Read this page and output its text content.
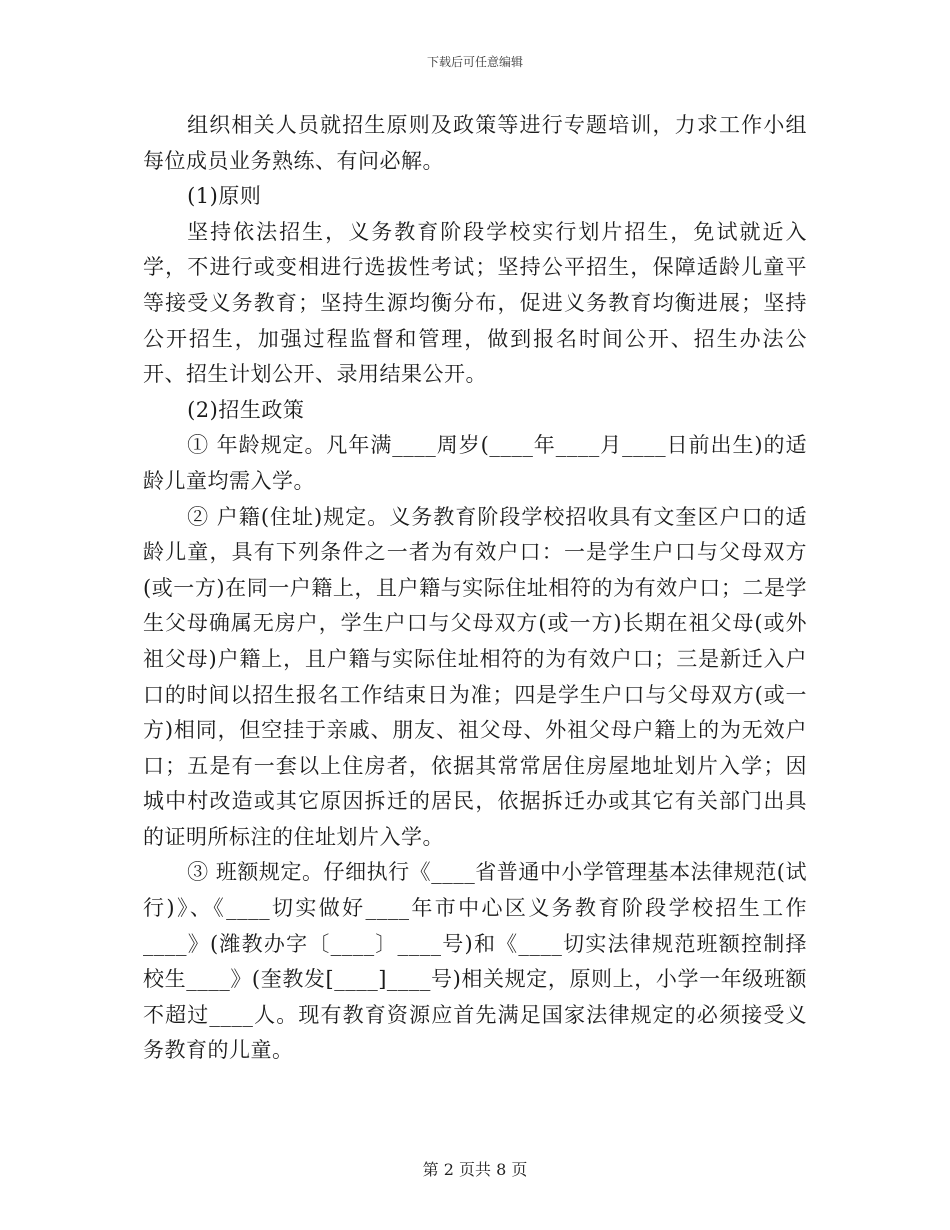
下载后可任意编辑

组织相关人员就招生原则及政策等进行专题培训，力求工作小组每位成员业务熟练、有问必解。

(1)原则

坚持依法招生，义务教育阶段学校实行划片招生，免试就近入学，不进行或变相进行选拔性考试；坚持公平招生，保障适龄儿童平等接受义务教育；坚持生源均衡分布，促进义务教育均衡进展；坚持公开招生，加强过程监督和管理，做到报名时间公开、招生办法公开、招生计划公开、录用结果公开。

(2)招生政策

① 年龄规定。凡年满____周岁(____年____月____日前出生)的适龄儿童均需入学。

② 户籍(住址)规定。义务教育阶段学校招收具有文奎区户口的适龄儿童，具有下列条件之一者为有效户口：一是学生户口与父母双方(或一方)在同一户籍上，且户籍与实际住址相符的为有效户口；二是学生父母确属无房户，学生户口与父母双方(或一方)长期在祖父母(或外祖父母)户籍上，且户籍与实际住址相符的为有效户口；三是新迁入户口的时间以招生报名工作结束日为准；四是学生户口与父母双方(或一方)相同，但空挂于亲戚、朋友、祖父母、外祖父母户籍上的为无效户口；五是有一套以上住房者，依据其常常居住房屋地址划片入学；因城中村改造或其它原因拆迁的居民，依据拆迁办或其它有关部门出具的证明所标注的住址划片入学。

③ 班额规定。仔细执行《____省普通中小学管理基本法律规范(试行)》、《____切实做好____年市中心区义务教育阶段学校招生工作____》(潍教办字〔____〕____号)和《____切实法律规范班额控制择校生____》(奎教发[____]____号)相关规定，原则上，小学一年级班额不超过____人。现有教育资源应首先满足国家法律规定的必须接受义务教育的儿童。

第 2 页共 8 页
